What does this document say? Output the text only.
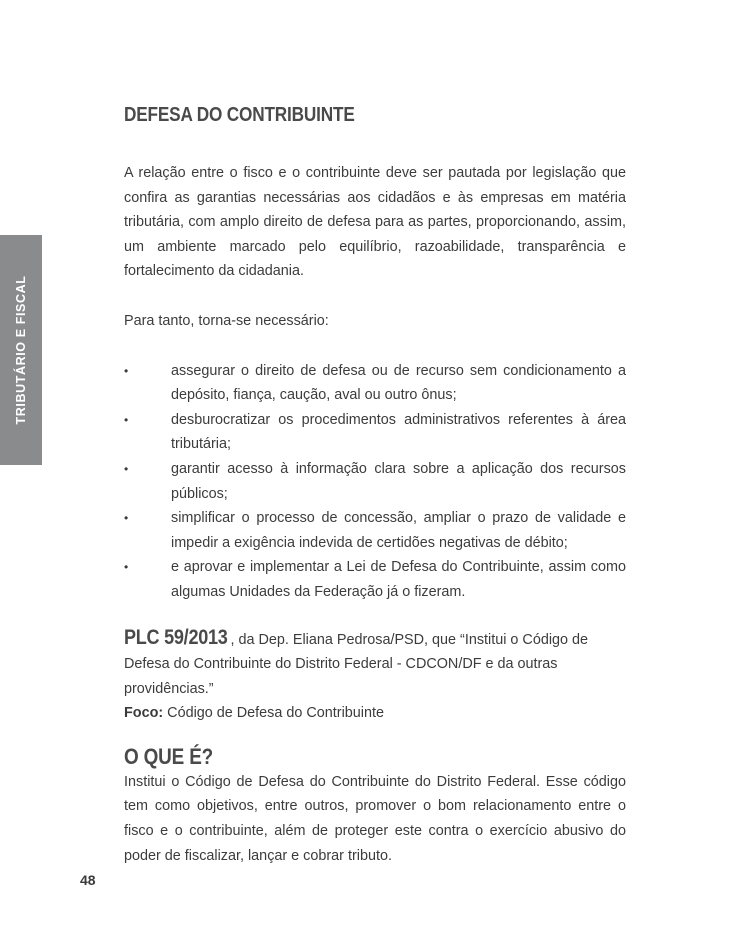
TRIBUTÁRIO E FISCAL
DEFESA DO CONTRIBUINTE

A relação entre o fisco e o contribuinte deve ser pautada por legislação que confira as garantias necessárias aos cidadãos e às empresas em matéria tributária, com amplo direito de defesa para as partes, proporcionando, assim, um ambiente marcado pelo equilíbrio, razoabilidade, transparência e fortalecimento da cidadania.

Para tanto, torna-se necessário:

•	assegurar o direito de defesa ou de recurso sem condicionamento a depósito, fiança, caução, aval ou outro ônus;
•	desburocratizar os procedimentos administrativos referentes à área tributária;
•	garantir acesso à informação clara sobre a aplicação dos recursos públicos;
•	simplificar o processo de concessão, ampliar o prazo de validade e impedir a exigência indevida de certidões negativas de débito;
•	e aprovar e implementar a Lei de Defesa do Contribuinte, assim como algumas Unidades da Federação já o fizeram.
PLC 59/2013 , da Dep. Eliana Pedrosa/PSD, que “Institui o Código de Defesa do Contribuinte do Distrito Federal - CDCON/DF e da outras providências.”
Foco: Código de Defesa do Contribuinte
O QUE É?

Institui o Código de Defesa do Contribuinte do Distrito Federal. Esse código tem como objetivos, entre outros, promover o bom relacionamento entre o fisco e o contribuinte, além de proteger este contra o exercício abusivo do poder de fiscalizar, lançar e cobrar tributo.

48
